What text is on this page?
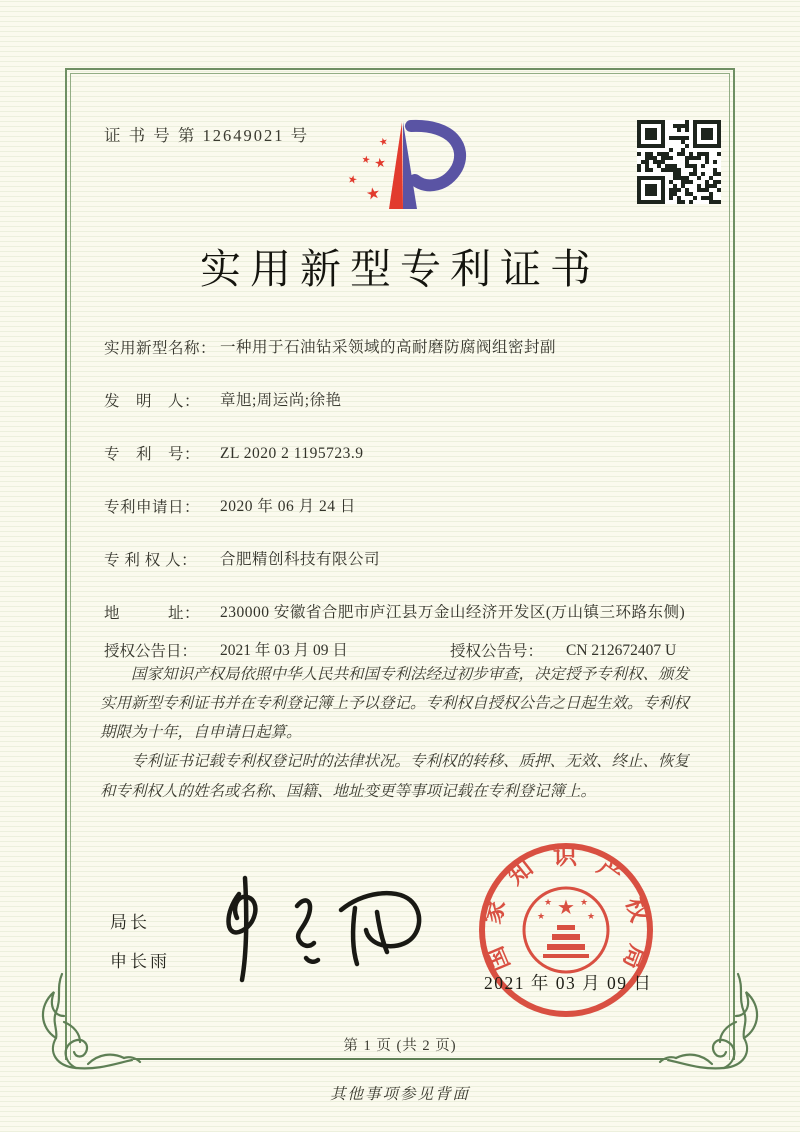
证 书 号 第 12649021 号	★
★ ★
★
★
实用新型专利证书
实用新型名称： 一种用于石油钻采领域的高耐磨防腐阀组密封副
发　明　人：	章旭;周运尚;徐艳
专　利　号：	ZL 2020 2 1195723.9
专利申请日：	2020 年 06 月 24 日
专 利 权 人：	合肥精创科技有限公司
地　　　址：	230000 安徽省合肥市庐江县万金山经济开发区(万山镇三环路东侧)
授权公告日：	2021 年 03 月 09 日	授权公告号：	CN 212672407 U

国家知识产权局依照中华人民共和国专利法经过初步审查，决定授予专利权、颁发实用新型专利证书并在专利登记簿上予以登记。专利权自授权公告之日起生效。专利权期限为十年，自申请日起算。

专利证书记载专利权登记时的法律状况。专利权的转移、质押、无效、终止、恢复和专利权人的姓名或名称、国籍、地址变更等事项记载在专利登记簿上。

局长
申长雨	国家知识产权局
★
★	★
★	★
2021 年 03 月 09 日
第 1 页 (共 2 页)
其他事项参见背面
